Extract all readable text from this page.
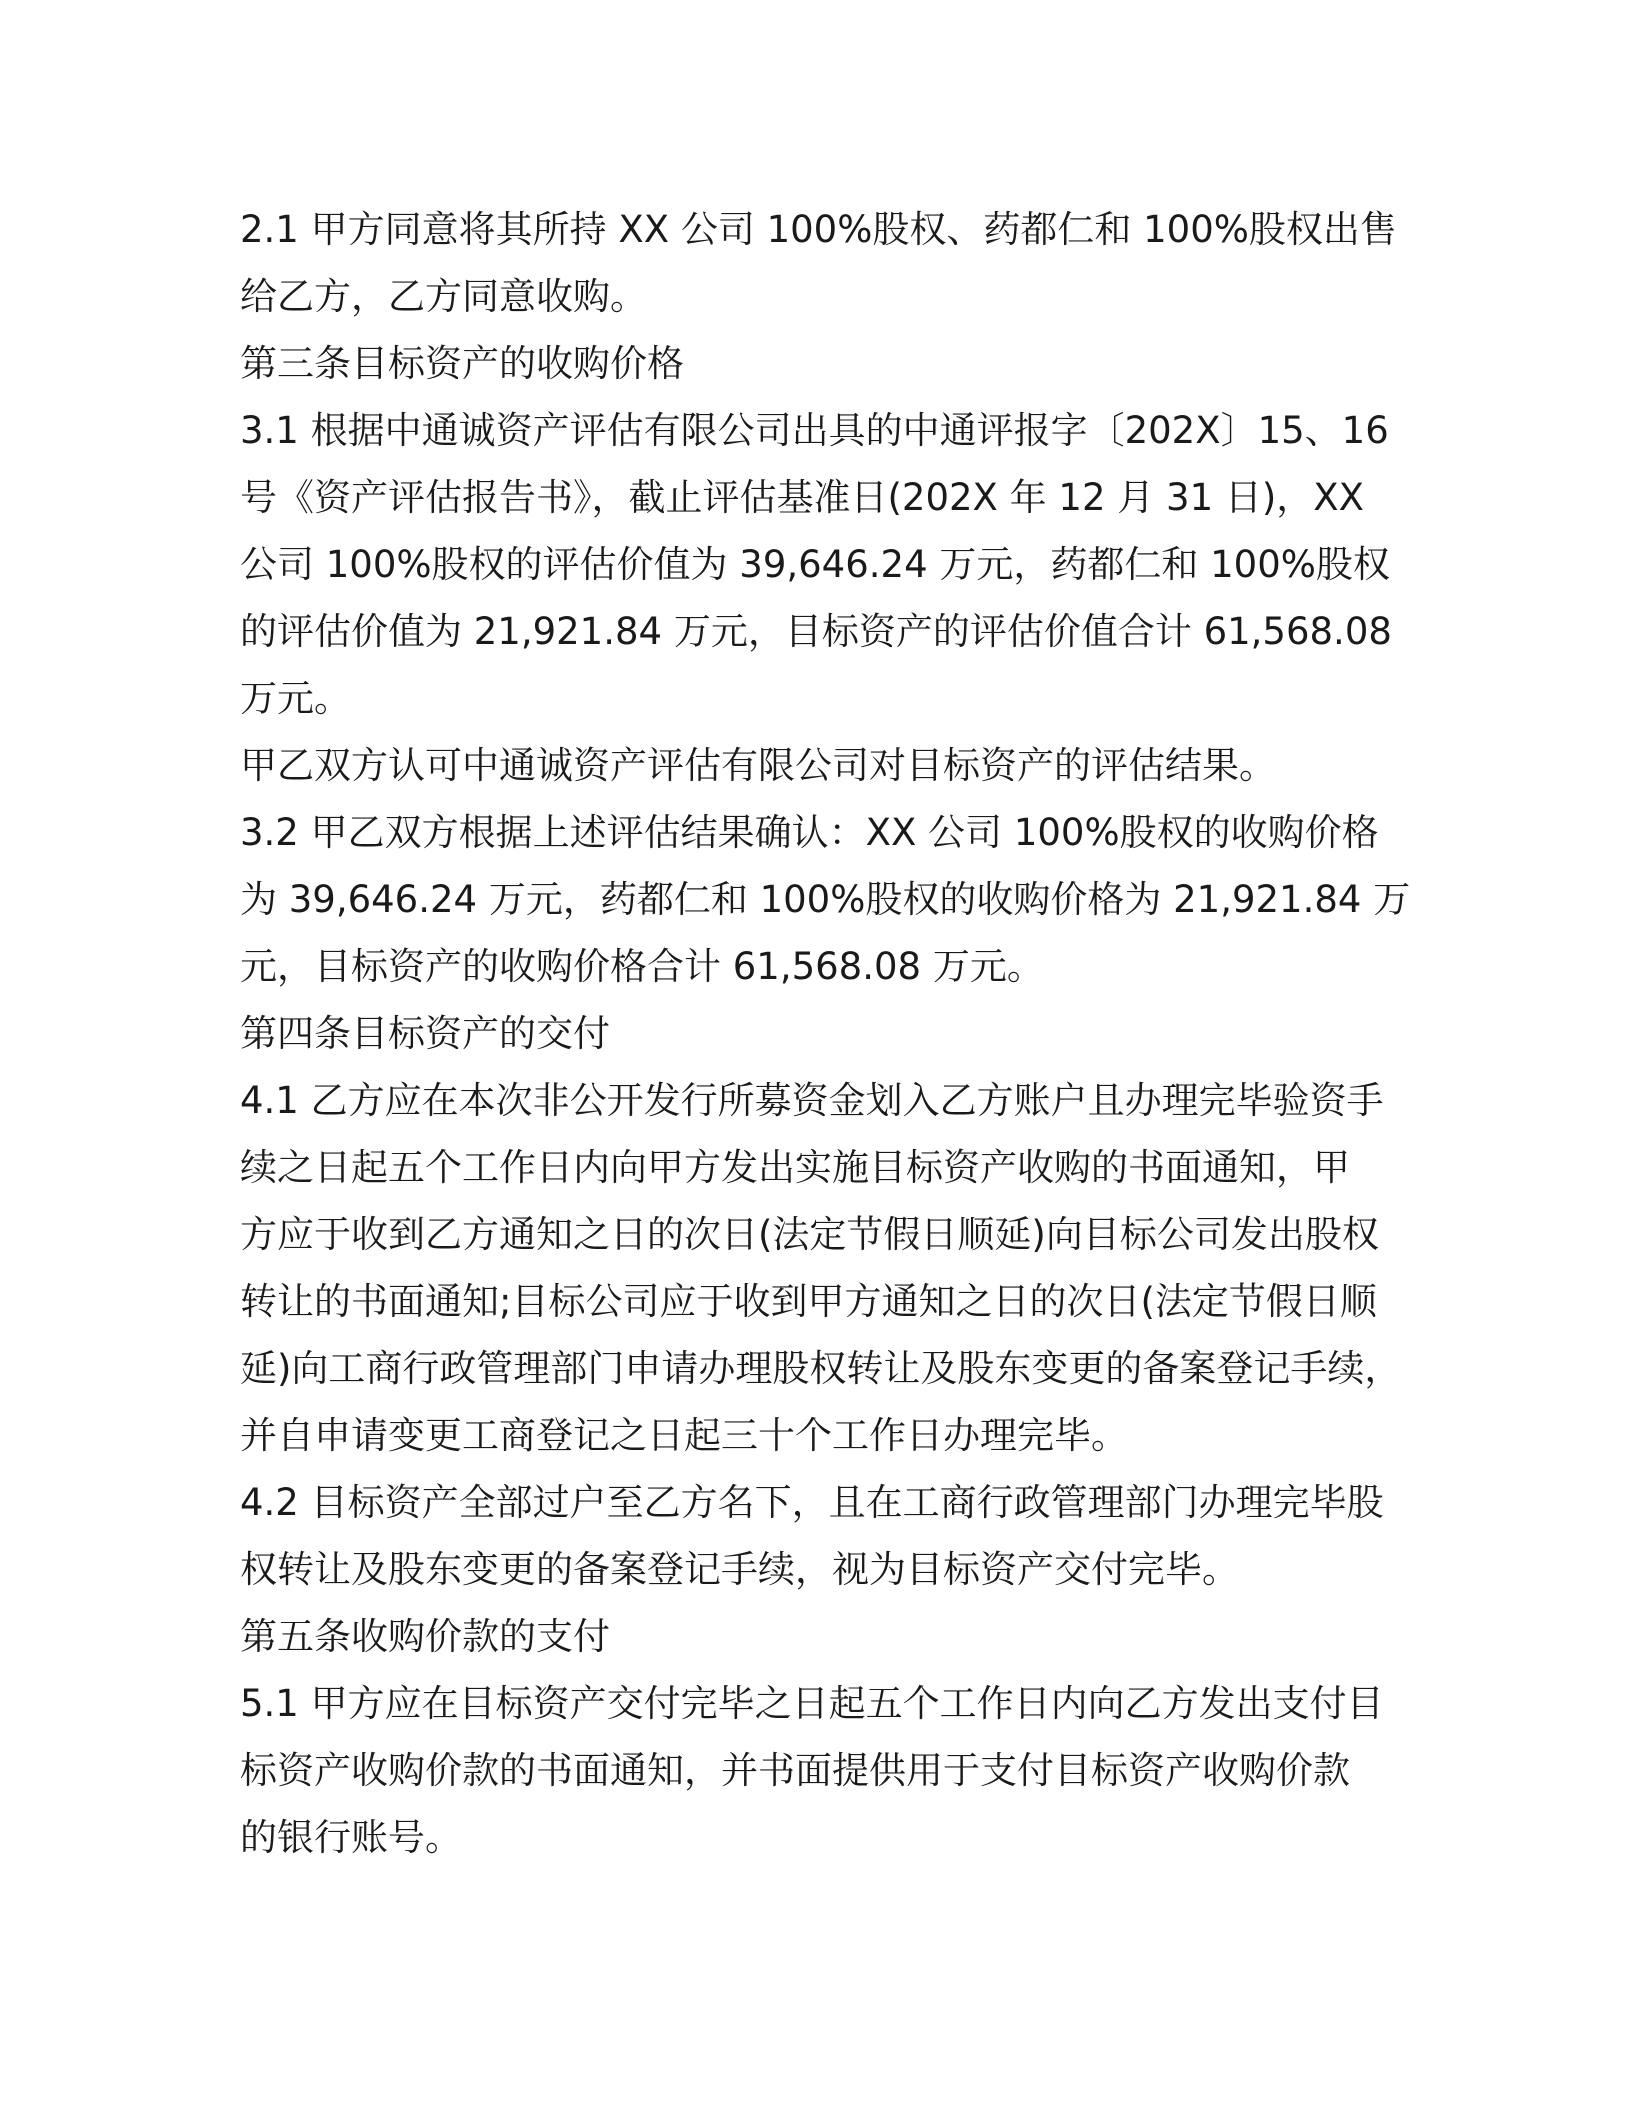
2.1 甲方同意将其所持 XX 公司 100%股权、药都仁和 100%股权出售

给乙方，乙方同意收购。

第三条目标资产的收购价格

3.1 根据中通诚资产评估有限公司出具的中通评报字〔202X〕15、16

号《资产评估报告书》，截止评估基准日(202X 年 12 月 31 日)，XX

公司 100%股权的评估价值为 39,646.24 万元，药都仁和 100%股权

的评估价值为 21,921.84 万元，目标资产的评估价值合计 61,568.08

万元。

甲乙双方认可中通诚资产评估有限公司对目标资产的评估结果。

3.2 甲乙双方根据上述评估结果确认：XX 公司 100%股权的收购价格

为 39,646.24 万元，药都仁和 100%股权的收购价格为 21,921.84 万

元，目标资产的收购价格合计 61,568.08 万元。

第四条目标资产的交付

4.1 乙方应在本次非公开发行所募资金划入乙方账户且办理完毕验资手

续之日起五个工作日内向甲方发出实施目标资产收购的书面通知，甲

方应于收到乙方通知之日的次日(法定节假日顺延)向目标公司发出股权

转让的书面通知;目标公司应于收到甲方通知之日的次日(法定节假日顺

延)向工商行政管理部门申请办理股权转让及股东变更的备案登记手续，

并自申请变更工商登记之日起三十个工作日办理完毕。

4.2 目标资产全部过户至乙方名下，且在工商行政管理部门办理完毕股

权转让及股东变更的备案登记手续，视为目标资产交付完毕。

第五条收购价款的支付

5.1 甲方应在目标资产交付完毕之日起五个工作日内向乙方发出支付目

标资产收购价款的书面通知，并书面提供用于支付目标资产收购价款

的银行账号。
